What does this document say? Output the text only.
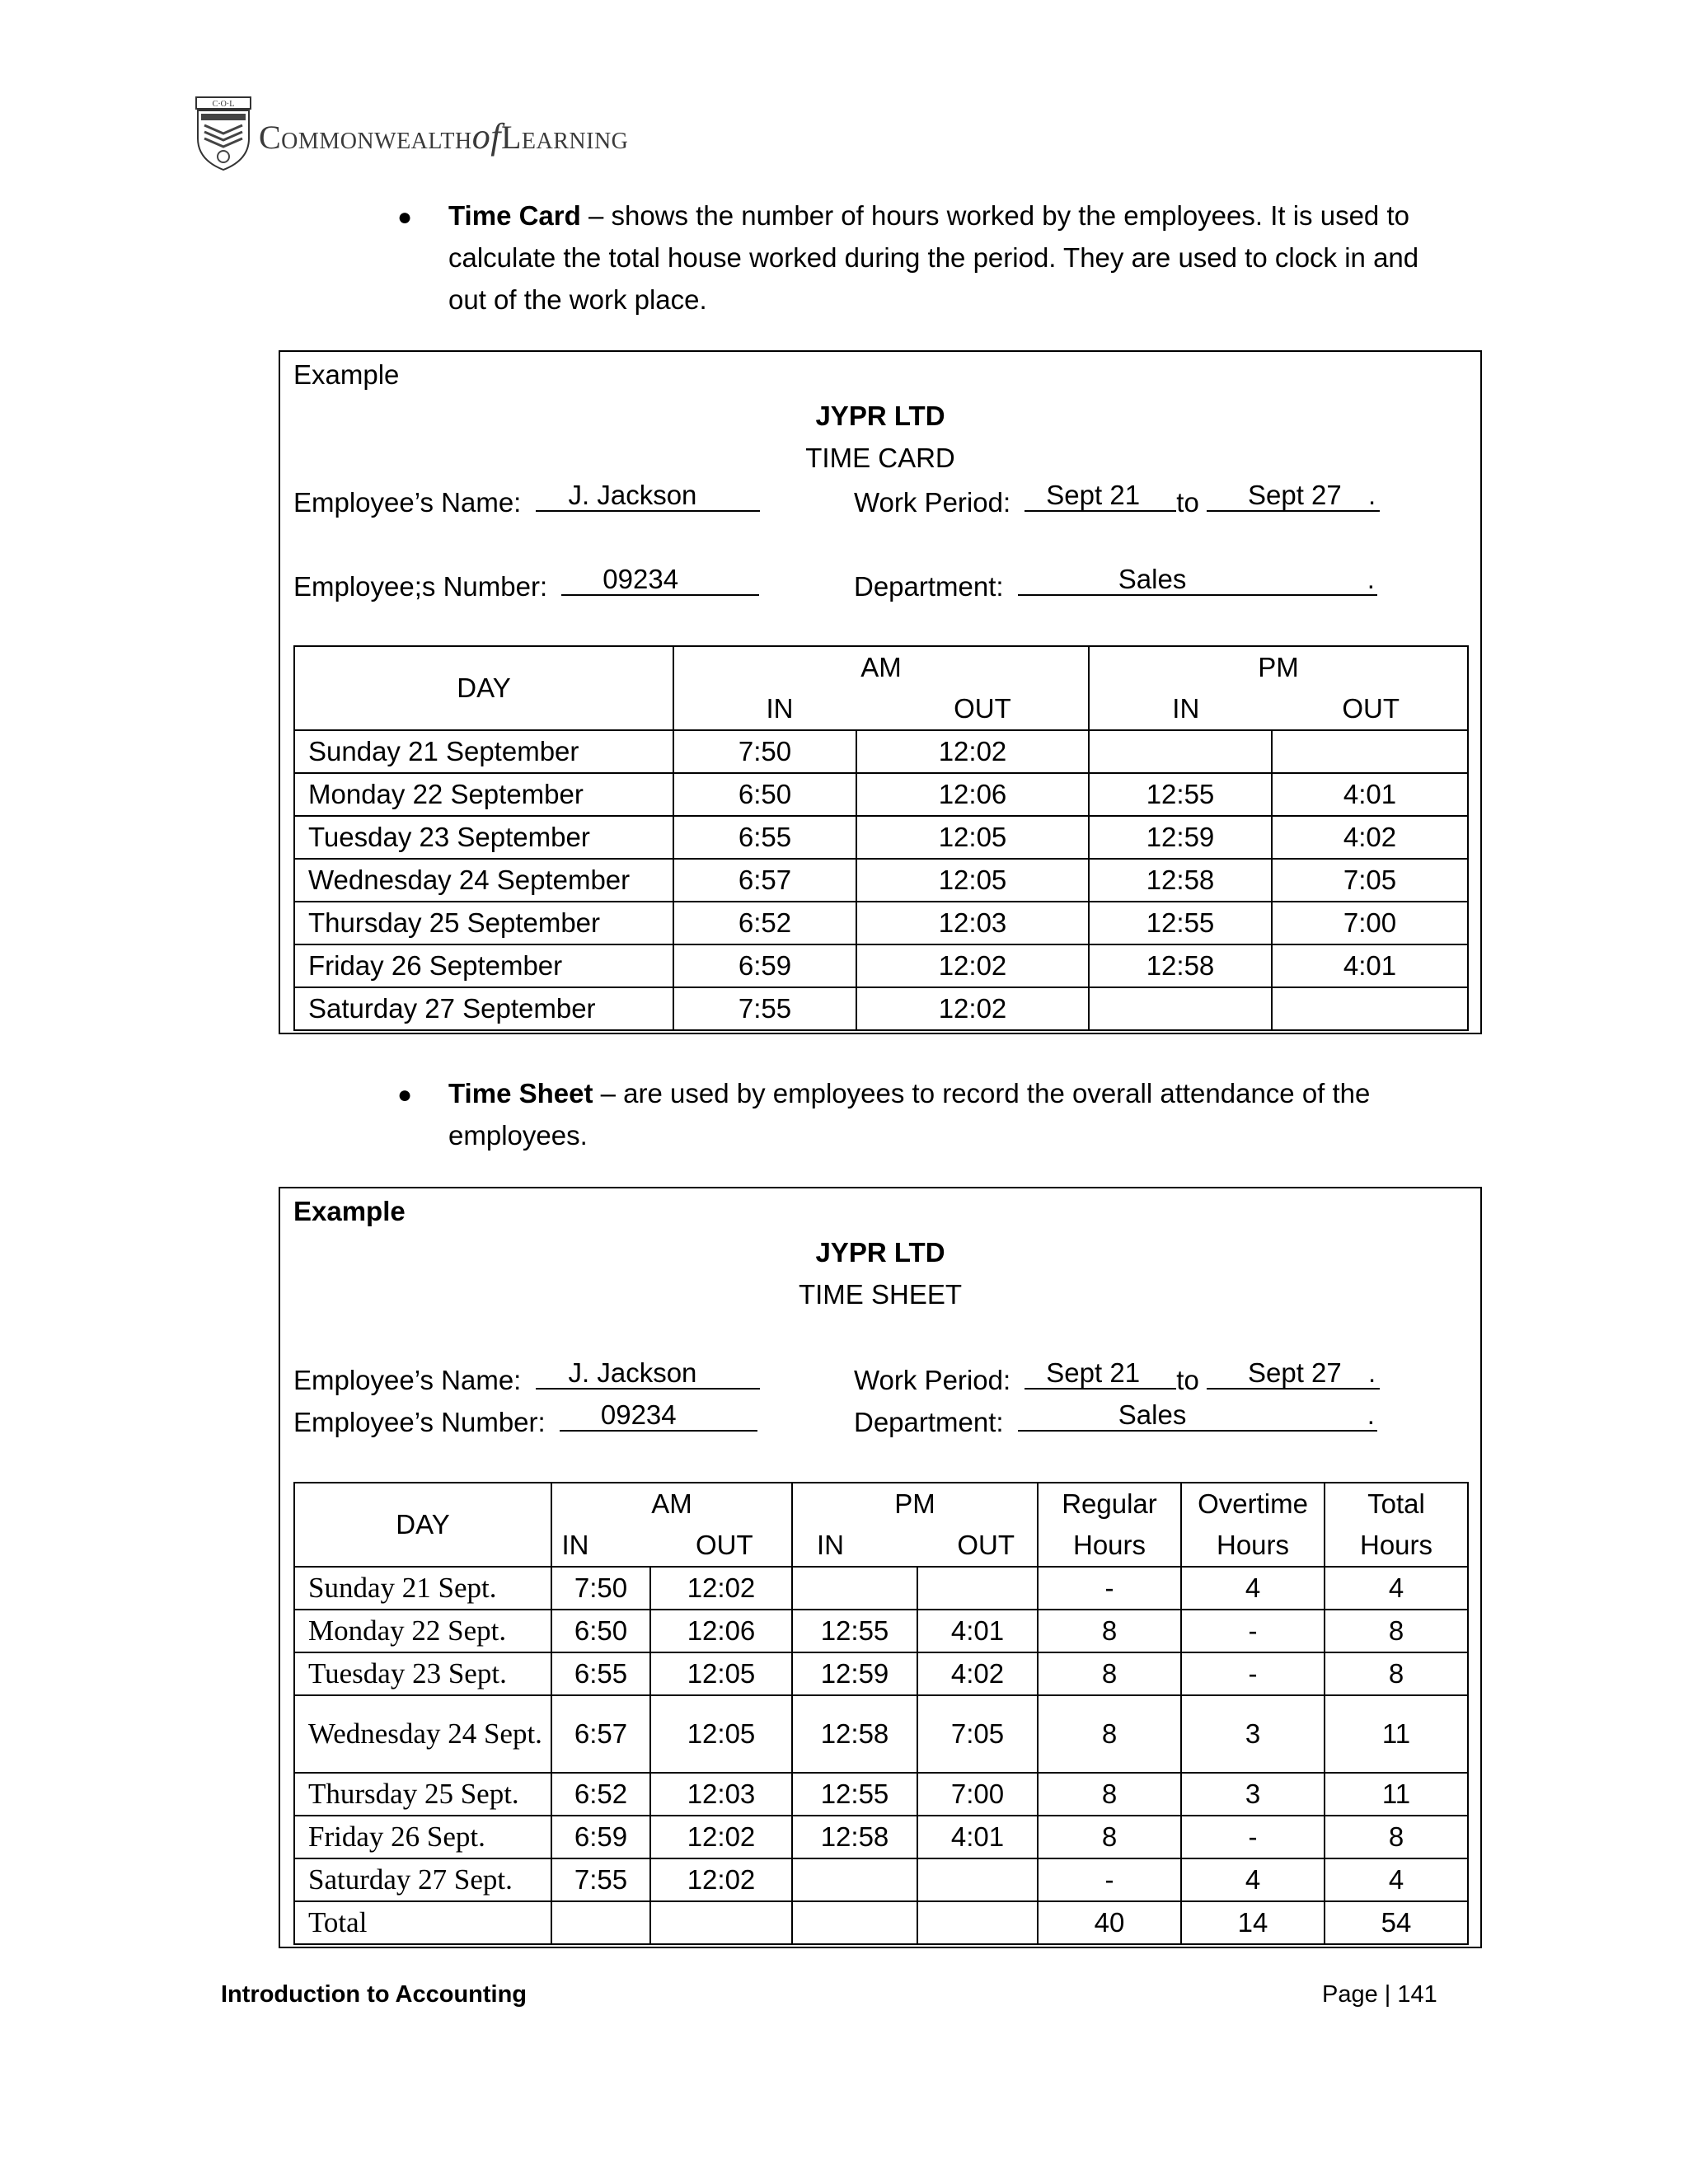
C·O·L
CommonwealthofLearning
● Time Card – shows the number of hours worked by the employees. It is used to
calculate the total house worked during the period. They are used to clock in and
out of the work place.
Example
JYPR LTD
TIME CARD
Employee’s Name: J. Jackson	Work Period: Sept 21 to Sept 27 .
Employee;s Number: 09234	Department:	Sales	.
DAY	AM		PM	
	IN OUT		IN OUT	
Sunday 21 September	7:50	12:02		
Monday 22 September	6:50	12:06	12:55	4:01
Tuesday 23 September	6:55	12:05	12:59	4:02
Wednesday 24 September	6:57	12:05	12:58	7:05
Thursday 25 September	6:52	12:03	12:55	7:00
Friday 26 September	6:59	12:02	12:58	4:01
Saturday 27 September	7:55	12:02		
● Time Sheet – are used by employees to record the overall attendance of the
employees.
Example
JYPR LTD
TIME SHEET
Employee’s Name: J. Jackson	Work Period: Sept 21 to Sept 27 .
Employee’s Number: 09234	Department:	Sales	.
DAY	AM		PM		Regular	Overtime	Total
	IN OUT		IN OUT		Hours	Hours	Hours
Sunday 21 Sept.	7:50	12:02			-	4	4
Monday 22 Sept.	6:50	12:06	12:55	4:01	8	-	8
Tuesday 23 Sept.	6:55	12:05	12:59	4:02	8	-	8
Wednesday 24 Sept.	6:57	12:05	12:58	7:05	8	3	11
Thursday 25 Sept.	6:52	12:03	12:55	7:00	8	3	11
Friday 26 Sept.	6:59	12:02	12:58	4:01	8	-	8
Saturday 27 Sept.	7:55	12:02			-	4	4
Total					40	14	54
Introduction to Accounting	Page | 141
